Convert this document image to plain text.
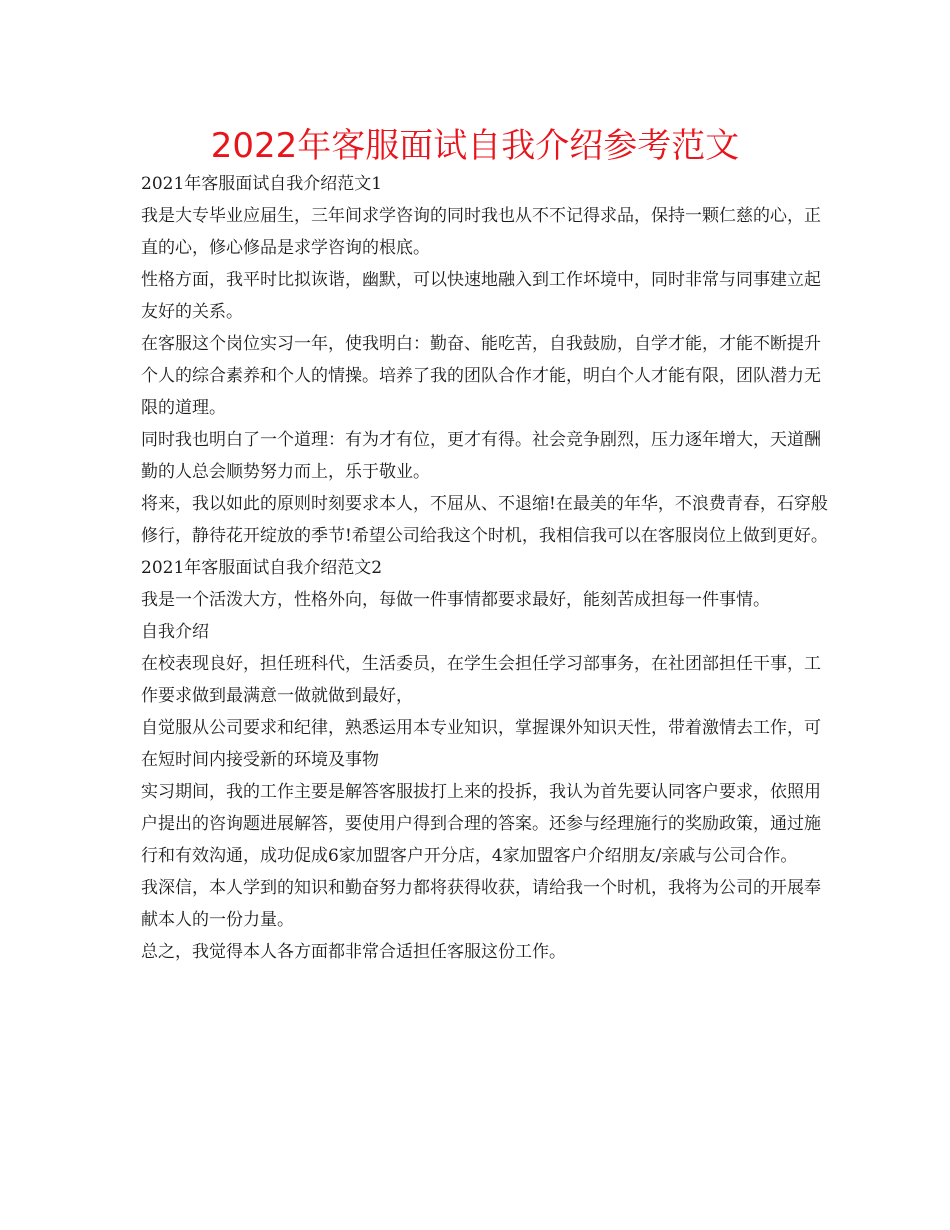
2022年客服面试自我介绍参考范文

2021年客服面试自我介绍范文1

我是大专毕业应届生，三年间求学咨询的同时我也从不不记得求品，保持一颗仁慈的心，正直的心，修心修品是求学咨询的根底。

性格方面，我平时比拟诙谐，幽默，可以快速地融入到工作坏境中，同时非常与同事建立起友好的关系。

在客服这个岗位实习一年，使我明白：勤奋、能吃苦，自我鼓励，自学才能，才能不断提升个人的综合素养和个人的情操。培养了我的团队合作才能，明白个人才能有限，团队潜力无限的道理。

同时我也明白了一个道理：有为才有位，更才有得。社会竞争剧烈，压力逐年增大，天道酬勤的人总会顺势努力而上，乐于敬业。

将来，我以如此的原则时刻要求本人，不屈从、不退缩!在最美的年华，不浪费青春，石穿般修行，静待花开绽放的季节!希望公司给我这个时机，我相信我可以在客服岗位上做到更好。

2021年客服面试自我介绍范文2

我是一个活泼大方，性格外向，每做一件事情都要求最好，能刻苦成担每一件事情。

自我介绍

在校表现良好，担任班科代，生活委员，在学生会担任学习部事务，在社团部担任干事，工作要求做到最满意一做就做到最好，

自觉服从公司要求和纪律，熟悉运用本专业知识，掌握课外知识天性，带着激情去工作，可在短时间内接受新的环境及事物

实习期间，我的工作主要是解答客服拔打上来的投拆，我认为首先要认同客户要求，依照用户提出的咨询题进展解答，要使用户得到合理的答案。还参与经理施行的奖励政策，通过施行和有效沟通，成功促成6家加盟客户开分店，4家加盟客户介绍朋友/亲戚与公司合作。

我深信，本人学到的知识和勤奋努力都将获得收获，请给我一个时机，我将为公司的开展奉献本人的一份力量。

总之，我觉得本人各方面都非常合适担任客服这份工作。
